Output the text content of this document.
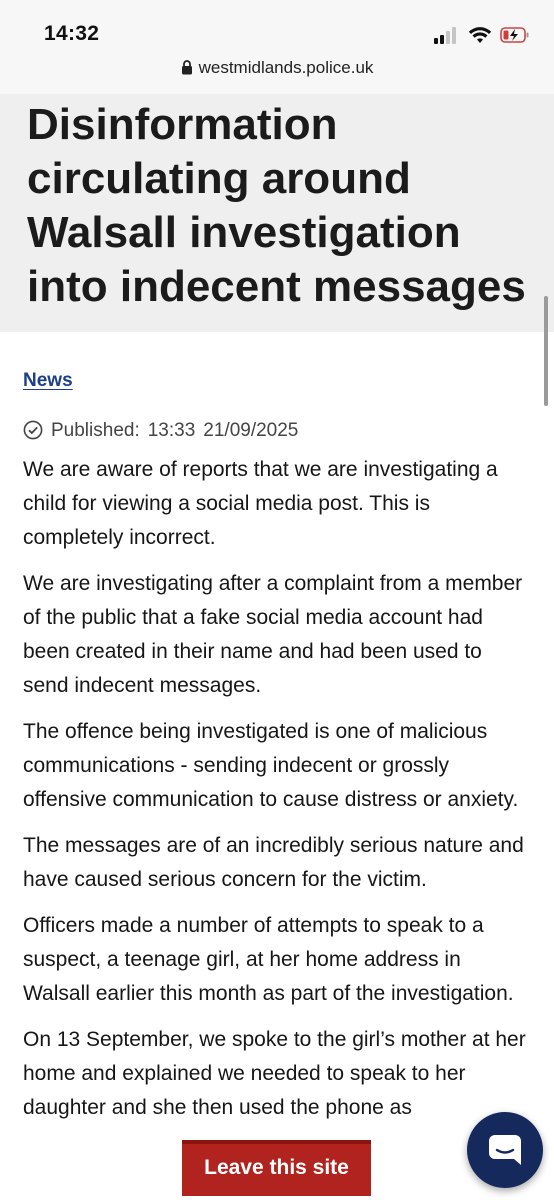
14:32
westmidlands.police.uk
Disinformation circulating around Walsall investigation into indecent messages
News
Published: 13:33 21/09/2025

We are aware of reports that we are investigating a child for viewing a social media post. This is completely incorrect.

We are investigating after a complaint from a member of the public that a fake social media account had been created in their name and had been used to send indecent messages.

The offence being investigated is one of malicious communications - sending indecent or grossly offensive communication to cause distress or anxiety.

The messages are of an incredibly serious nature and have caused serious concern for the victim.

Officers made a number of attempts to speak to a suspect, a teenage girl, at her home address in Walsall earlier this month as part of the investigation.

On 13 September, we spoke to the girl’s mother at her home and explained we needed to speak to her daughter and she then used the phone as

Leave this site
